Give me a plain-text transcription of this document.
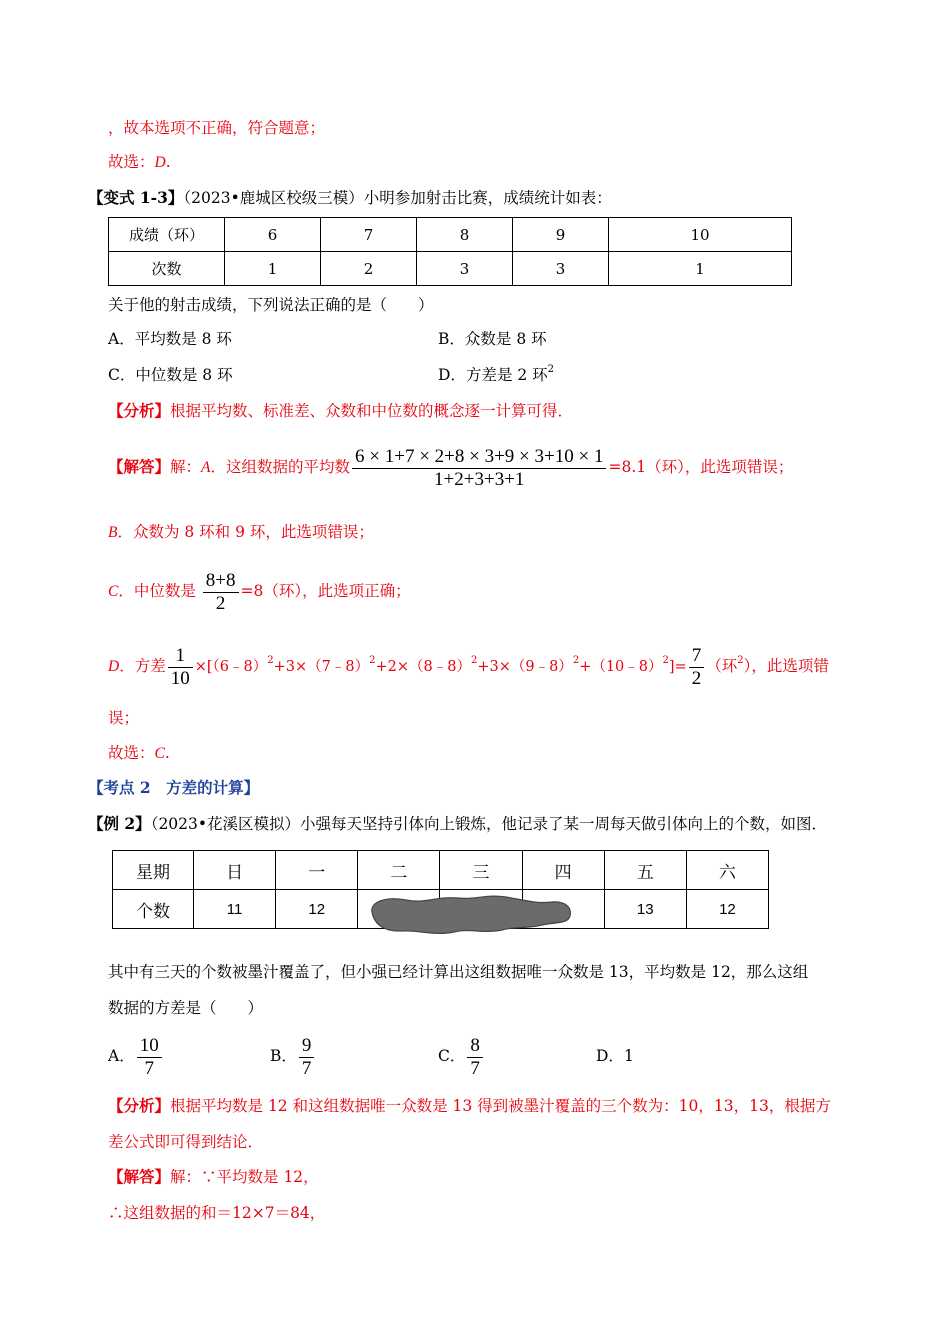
，故本选项不正确，符合题意；
故选：D.
【变式 1-3】（2023•鹿城区校级三模）小明参加射击比赛，成绩统计如表：
成绩（环）	6	7	8	9	10
次数	1	2	3	3	1
关于他的射击成绩，下列说法正确的是（　　）
A．平均数是 8 环	B．众数是 8 环
C．中位数是 8 环	D．方差是 2 环$^2$
【分析】根据平均数、标准差、众数和中位数的概念逐一计算可得．
【解答】解：A．这组数据的平均数 $\frac{6 \times 1+7 \times 2+8 \times 3+9 \times 3+10 \times 1}{1+2+3+3+1} =8.1$（环），此选项错误；
B．众数为 8 环和 9 环，此选项错误；
C．中位数是 $\frac{8+8}{2} =8$（环），此选项正确；
D．方差 $\frac{1}{10}$ ×[（6﹣8）$^2$+3×（7﹣8）$^2$+2×（8﹣8）$^2$+3×（9﹣8）$^2$+（10﹣8）$^2$]= $\frac{7}{2}$ （环$^2$），此选项错
误；
故选：C.
【考点 2　方差的计算】
【例 2】（2023•花溪区模拟）小强每天坚持引体向上锻炼，他记录了某一周每天做引体向上的个数，如图．
星期	日	一	二	三	四	五	六
个数	11	12				13	12
其中有三天的个数被墨汁覆盖了，但小强已经计算出这组数据唯一众数是 13，平均数是 12，那么这组
数据的方差是（　　）
A． $\frac{10}{7}$	B． $\frac{9}{7}$	C． $\frac{8}{7}$	D．1
【分析】根据平均数是 12 和这组数据唯一众数是 13 得到被墨汁覆盖的三个数为：10，13，13，根据方
差公式即可得到结论．
【解答】解：∵平均数是 12，
∴这组数据的和＝12×7＝84，
